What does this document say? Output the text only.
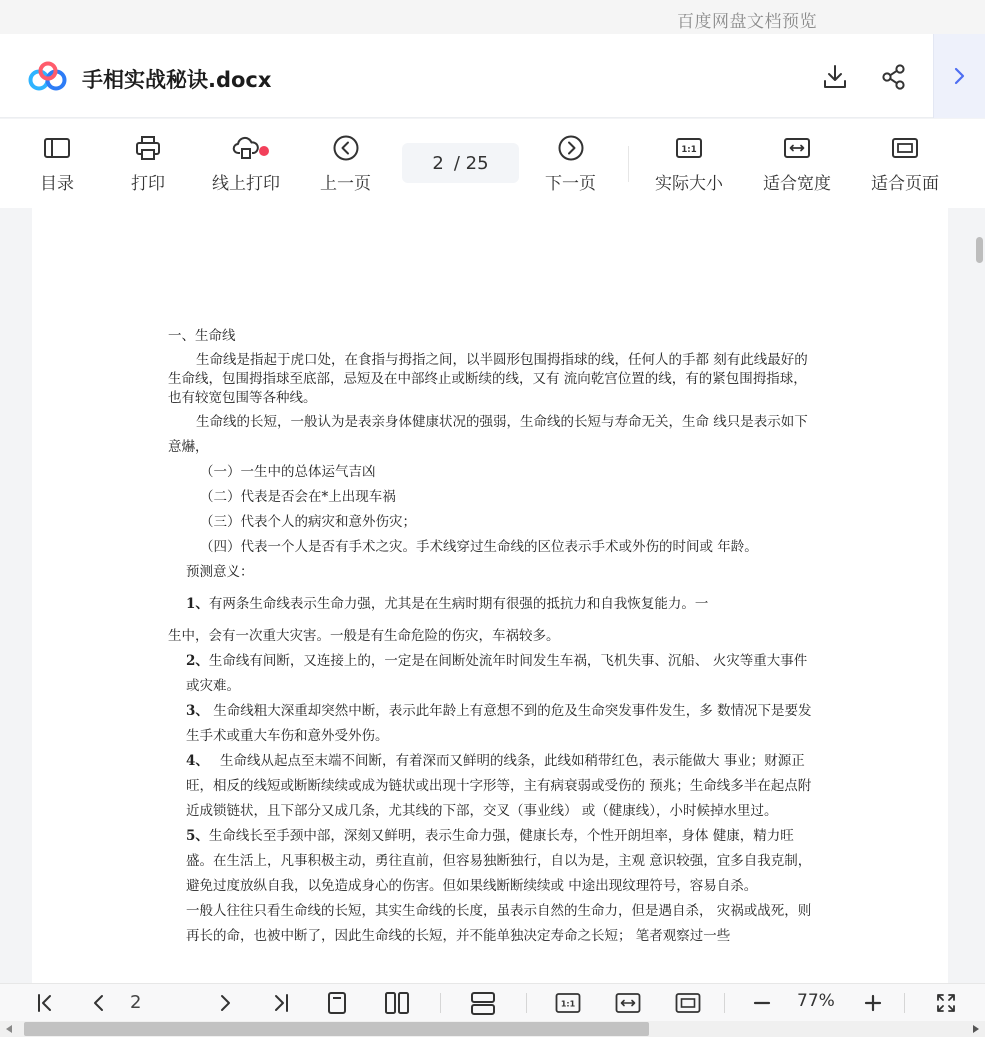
百度网盘文档预览
手相实战秘诀.docx
目录	打印	线上打印 上一页	下一页
1:1
实际大小 适合宽度 适合页面
2 / 25

一、生命线

生命线是指起于虎口处，在食指与拇指之间，以半圆形包围拇指球的线，任何人的手都 刻有此线最好的生命线，包围拇指球至底部，忌短及在中部终止或断续的线，又有 流向乾宫位置的线，有的紧包围拇指球，也有较宽包围等各种线。

生命线的长短，一般认为是表亲身体健康状况的强弱，生命线的长短与寿命无关，生命 线只是表示如下意爀，

（一）一生中的总体运气吉凶

（二）代表是否会在*上出现车祸

（三）代表个人的病灾和意外伤灾；

（四）代表一个人是否有手术之灾。手术线穿过生命线的区位表示手术或外伤的时间或 年龄。

预测意义：

1、有两条生命线表示生命力强，尤其是在生病时期有很强的抵抗力和自我恢复能力。一

生中，会有一次重大灾害。一般是有生命危险的伤灾，车祸较多。

2、生命线有间断，又连接上的，一定是在间断处流年时间发生车祸，飞机失事、沉船、 火灾等重大事件或灾难。

3、 生命线粗大深重却突然中断，表示此年龄上有意想不到的危及生命突发事件发生，多 数情况下是要发生手术或重大车伤和意外受外伤。

4、　 生命线从起点至末端不间断，有着深而又鲜明的线条，此线如稍带红色，表示能做大 事业；财源正旺，相反的线短或断断续续或成为链状或出现十字形等，主有病衰弱或受伤的 预兆；生命线多半在起点附近成锁链状，且下部分又成几条，尤其线的下部，交叉（事业线） 或（健康线），小时候掉水里过。

5、生命线长至手颈中部，深刻又鲜明，表示生命力强，健康长寿，个性开朗坦率，身体 健康，精力旺盛。在生活上，凡事积极主动，勇往直前，但容易独断独行，自以为是，主观 意识较强，宜多自我克制，避免过度放纵自我，以免造成身心的伤害。但如果线断断续续或 中途出现纹理符号，容易自杀。

一般人往往只看生命线的长短，其实生命线的长度，虽表示自然的生命力，但是遇自杀， 灾祸或战死，则再长的命，也被中断了，因此生命线的长短，并不能单独决定寿命之长短； 笔者观察过一些

2	1:1	77%
